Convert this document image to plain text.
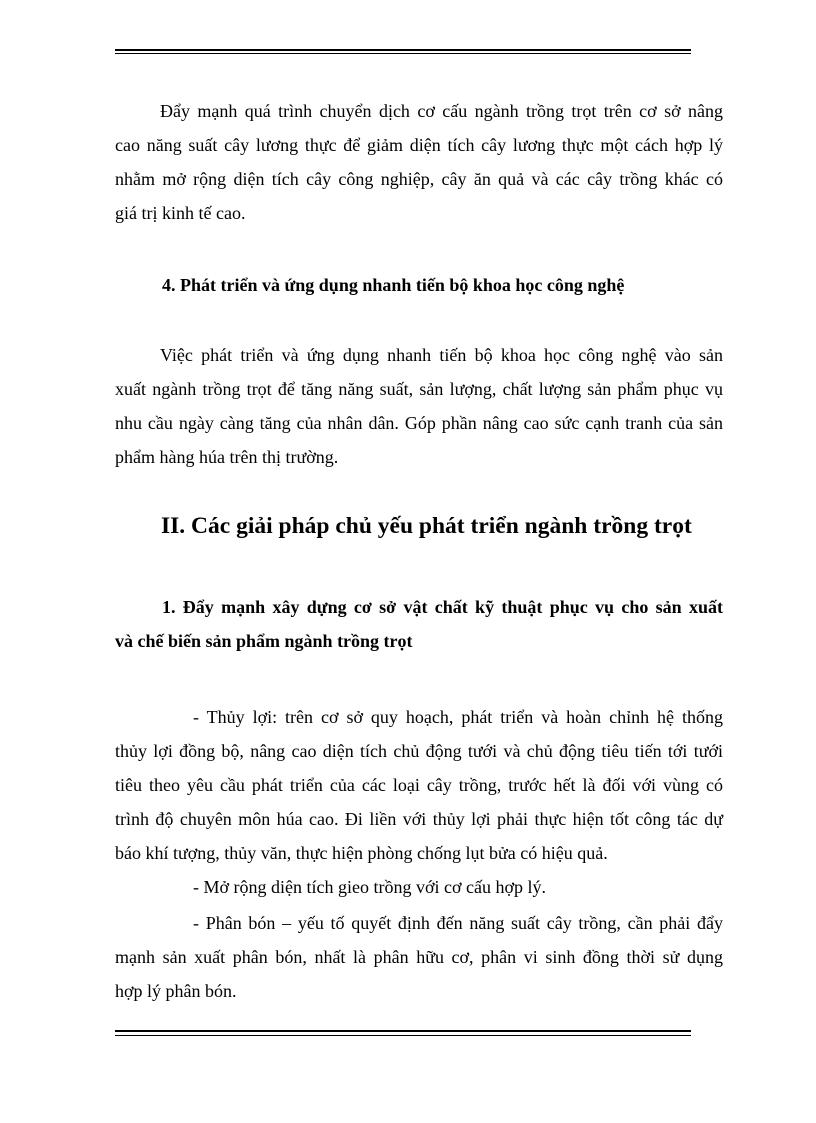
Đẩy mạnh quá trình chuyển dịch cơ cấu ngành trồng trọt trên cơ sở nâng
cao năng suất cây lương thực để giảm diện tích cây lương thực một cách hợp lý
nhằm mở rộng diện tích cây công nghiệp, cây ăn quả và các cây trồng khác có
giá trị kinh tế cao.
4. Phát triển và ứng dụng nhanh tiến bộ khoa học công nghệ
Việc phát triển và ứng dụng nhanh tiến bộ khoa học công nghệ vào sản
xuất ngành trồng trọt để tăng năng suất, sản lượng, chất lượng sản phẩm phục vụ
nhu cầu ngày càng tăng của nhân dân. Góp phần nâng cao sức cạnh tranh của sản
phẩm hàng húa trên thị trường.
II. Các giải pháp chủ yếu phát triển ngành trồng trọt
1. Đẩy mạnh xây dựng cơ sở vật chất kỹ thuật phục vụ cho sản xuất
và chế biến sản phẩm ngành trồng trọt
- Thủy lợi: trên cơ sở quy hoạch, phát triển và hoàn chỉnh hệ thống
thủy lợi đồng bộ, nâng cao diện tích chủ động tưới và chủ động tiêu tiến tới tưới
tiêu theo yêu cầu phát triển của các loại cây trồng, trước hết là đối với vùng có
trình độ chuyên môn húa cao. Đi liền với thủy lợi phải thực hiện tốt công tác dự
báo khí tượng, thủy văn, thực hiện phòng chống lụt bửa có hiệu quả.
- Mở rộng diện tích gieo trồng với cơ cấu hợp lý.
- Phân bón – yếu tố quyết định đến năng suất cây trồng, cần phải đẩy
mạnh sản xuất phân bón, nhất là phân hữu cơ, phân vi sinh đồng thời sử dụng
hợp lý phân bón.
